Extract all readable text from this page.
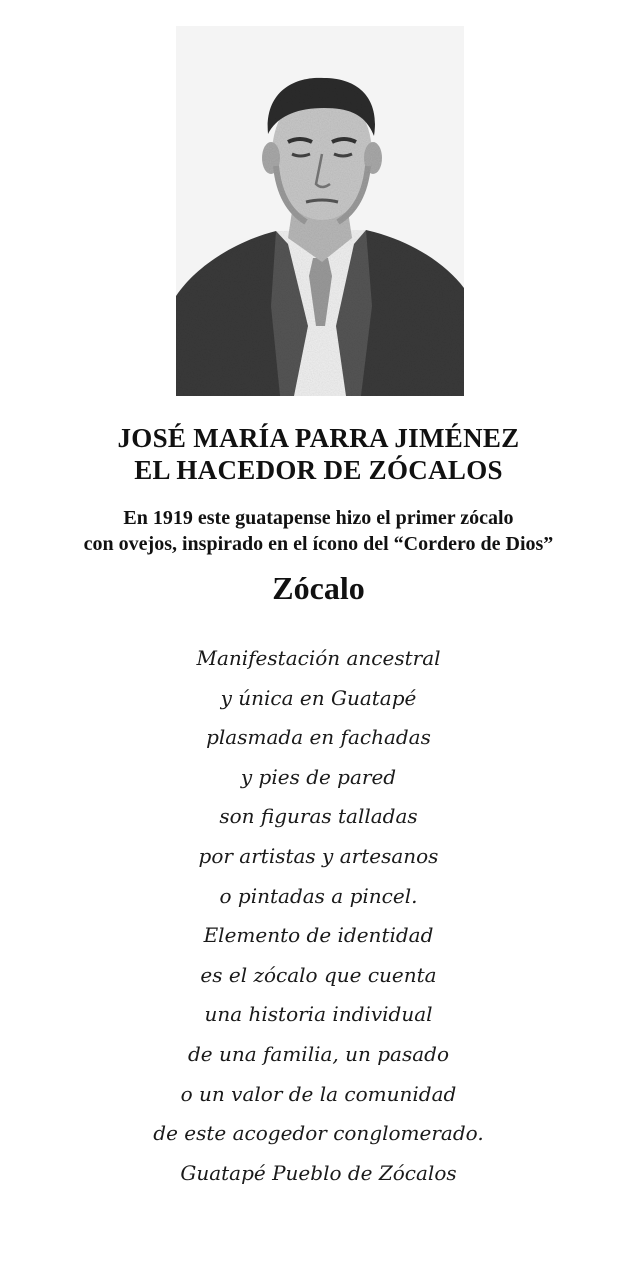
JOSÉ MARÍA PARRA JIMÉNEZ
EL HACEDOR DE ZÓCALOS
En 1919 este guatapense hizo el primer zócalo
con ovejos, inspirado en el ícono del “Cordero de Dios”
Zócalo
Manifestación ancestral
y única en Guatapé
plasmada en fachadas
y pies de pared
son figuras talladas
por artistas y artesanos
o pintadas a pincel.
Elemento de identidad
es el zócalo que cuenta
una historia individual
de una familia, un pasado
o un valor de la comunidad
de este acogedor conglomerado.
Guatapé Pueblo de Zócalos
